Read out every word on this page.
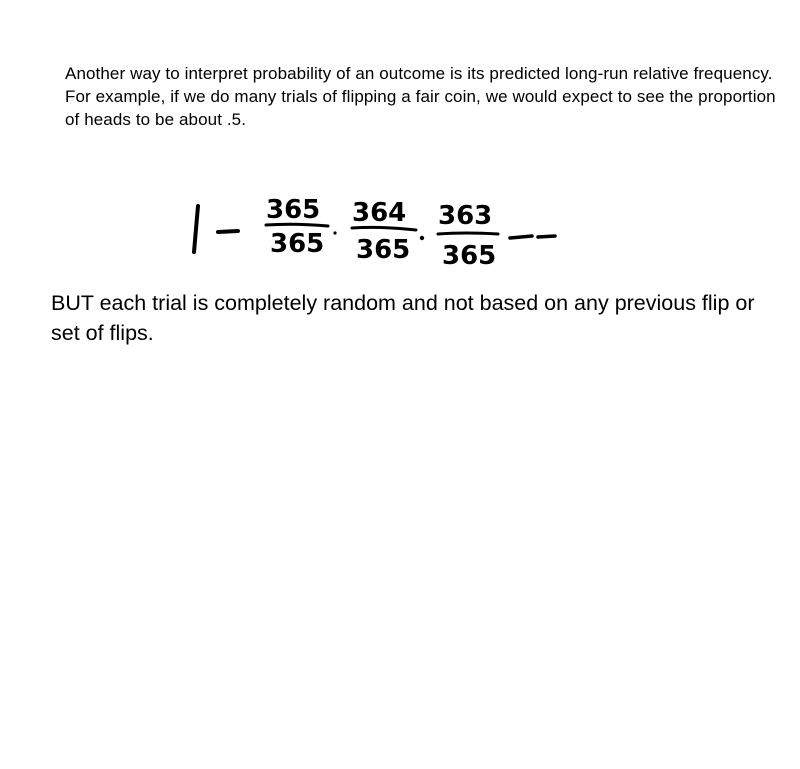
Another way to interpret probability of an outcome is its predicted long-run relative frequency.

For example, if we do many trials of flipping a fair coin, we would expect to see the proportion of heads to be about .5.

1 −
365
365
364
365
363
365	−−

BUT each trial is completely random and not based on any previous flip or set of flips.
